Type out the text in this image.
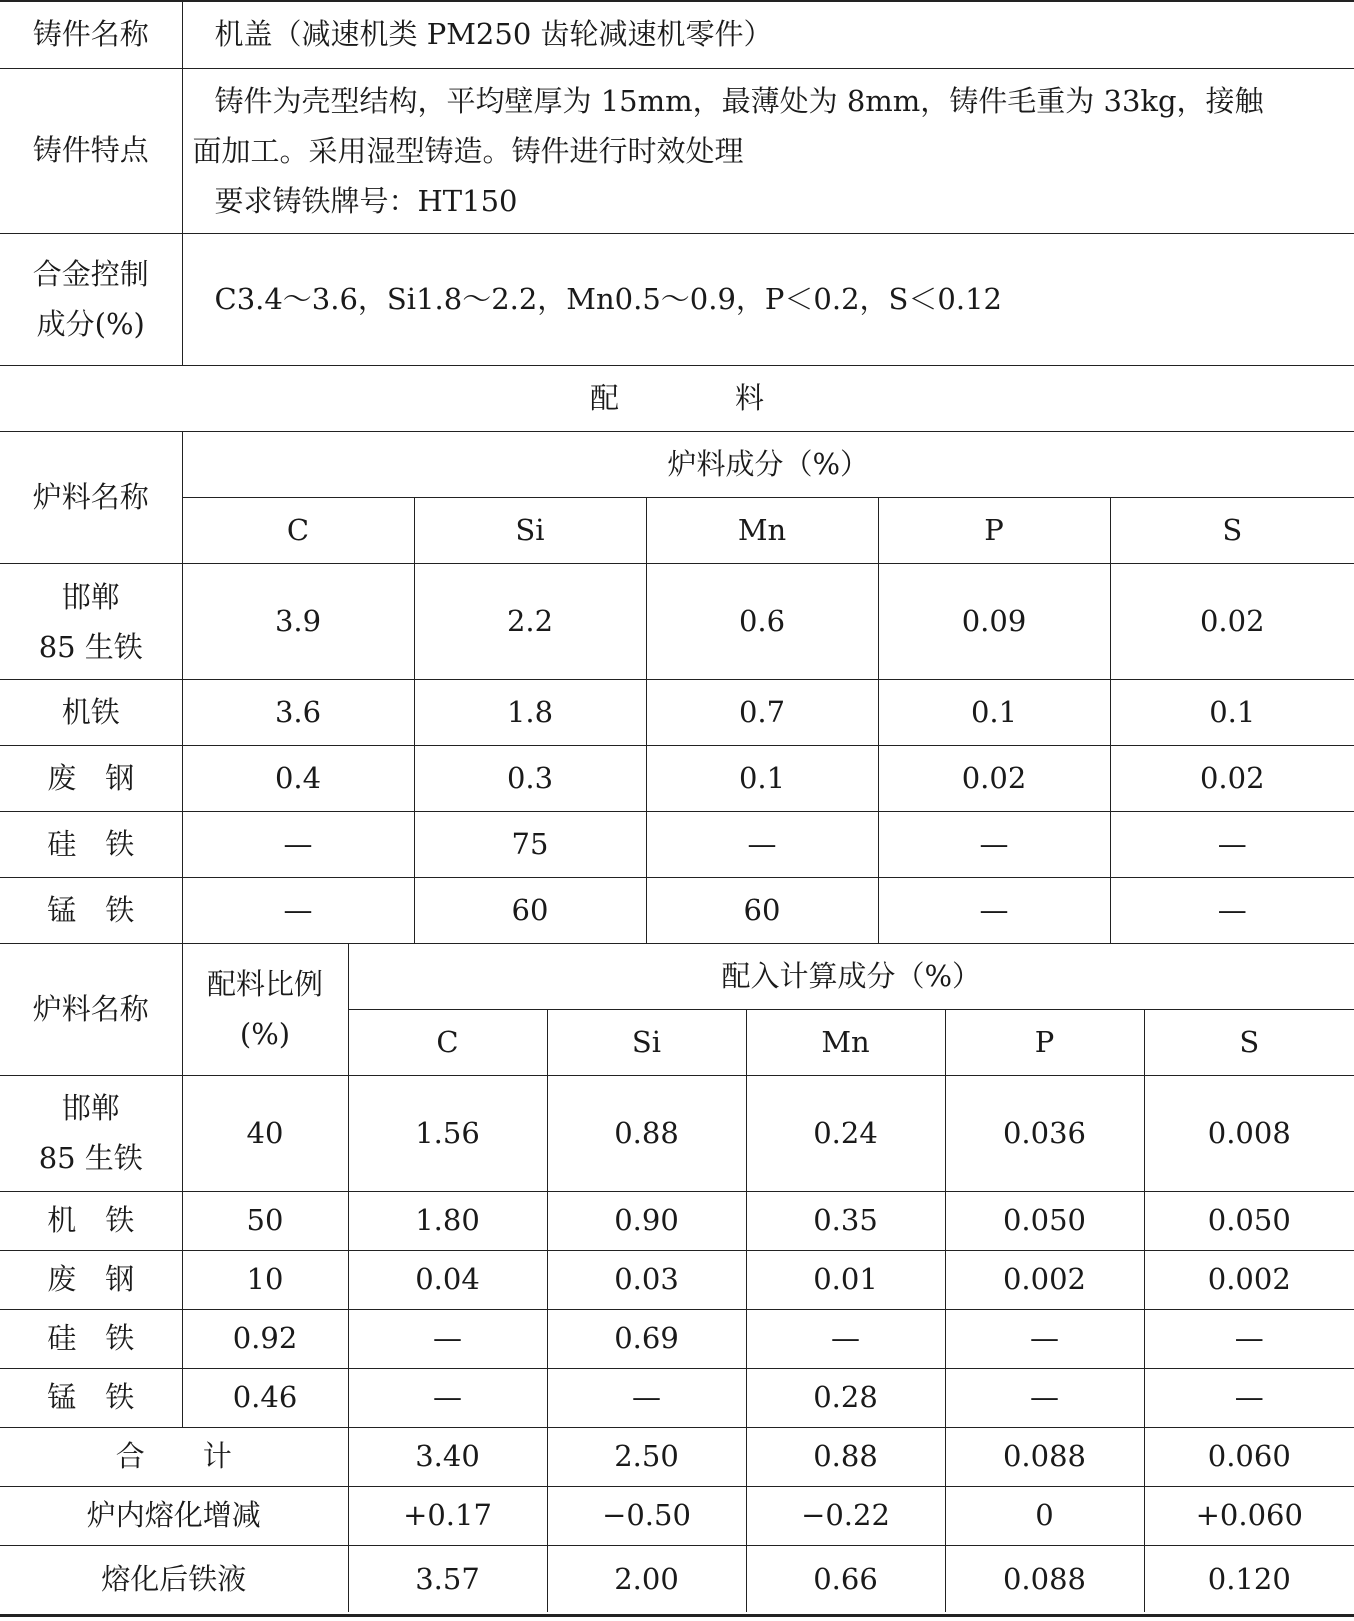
铸件名称	机盖（减速机类 PM250 齿轮减速机零件）
铸件特点	铸件为壳型结构，平均壁厚为 15mm，最薄处为 8mm，铸件毛重为 33kg，接触

面加工。采用湿型铸造。铸件进行时效处理

要求铸铁牌号：HT150

合金控制
成分(%)	C3.4～3.6，Si1.8～2.2，Mn0.5～0.9，P＜0.2，S＜0.12
配　　　　料	
炉料名称	炉料成分（%）				
	C	Si	Mn	P	S

邯郸
85 生铁	3.9	2.2	0.6	0.09	0.02
机铁	3.6	1.8	0.7	0.1	0.1
废　钢	0.4	0.3	0.1	0.02	0.02
硅　铁	—	75	—	—	—
锰　铁	—	60	60	—	—
炉料名称	配料比例
(%)	配入计算成分（%）				
		C	Si	Mn	P	S

邯郸
85 生铁	40	1.56	0.88	0.24	0.036	0.008
机　铁	50	1.80	0.90	0.35	0.050	0.050
废　钢	10	0.04	0.03	0.01	0.002	0.002
硅　铁	0.92	—	0.69	—	—	—
锰　铁	0.46	—	—	0.28	—	—
合　　计		3.40	2.50	0.88	0.088	0.060
炉内熔化增减		+0.17	−0.50	−0.22	0	+0.060
熔化后铁液		3.57	2.00	0.66	0.088	0.120
